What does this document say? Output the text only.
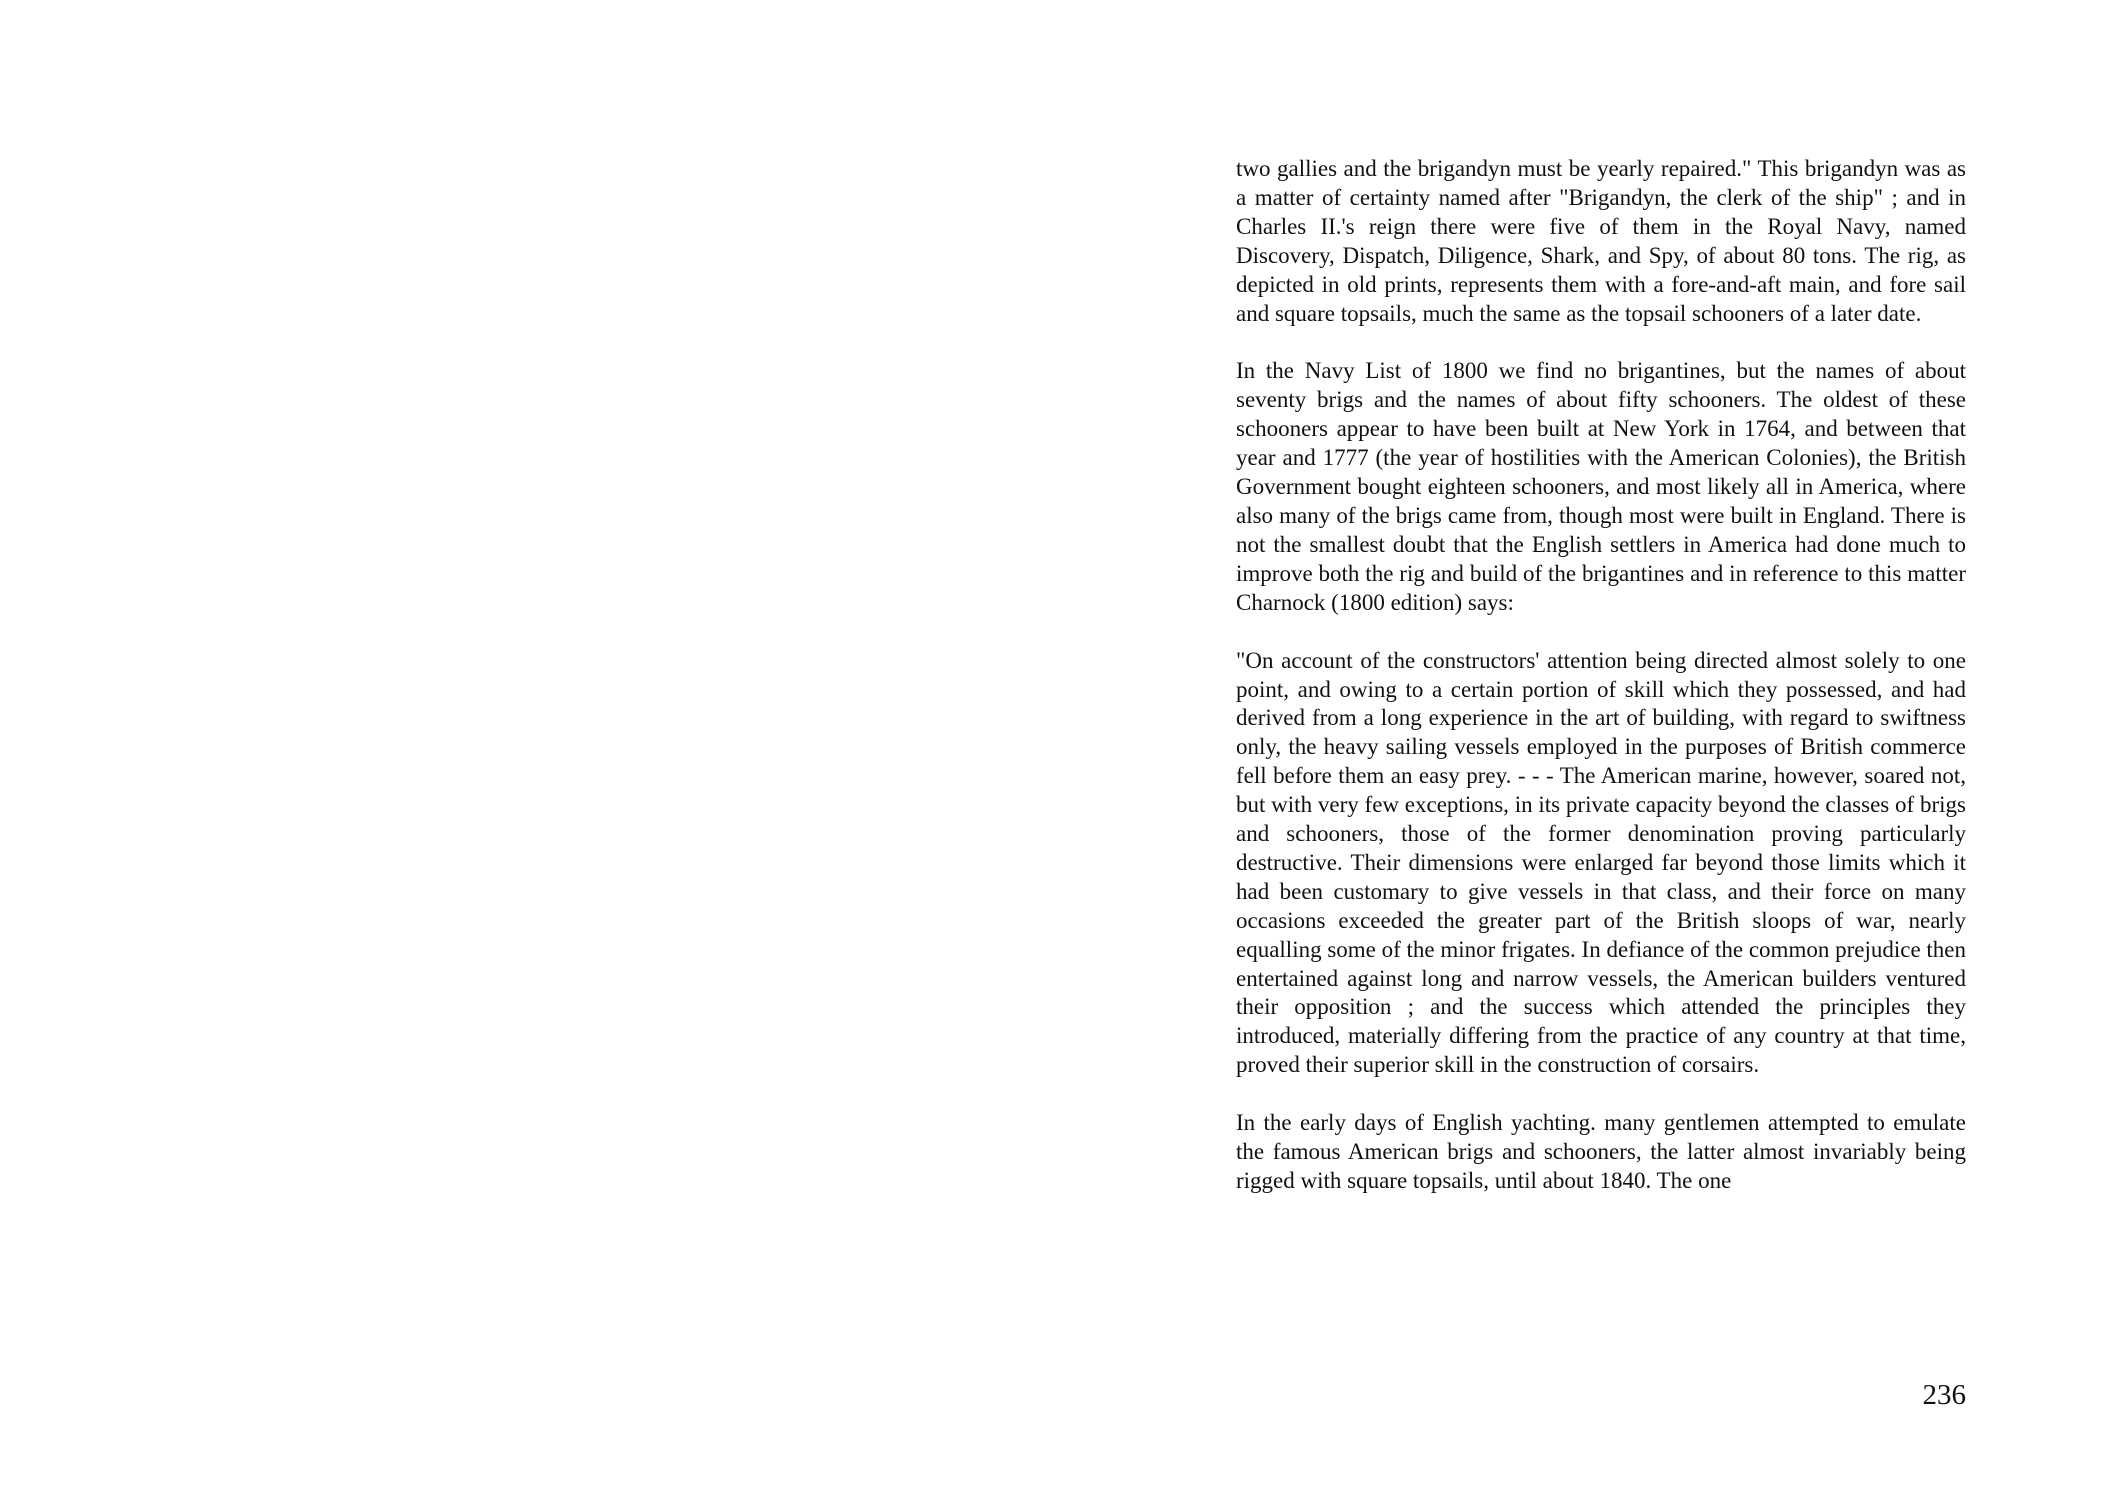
two gallies and the brigandyn must be yearly repaired." This brigandyn was as a matter of certainty named after "Brigandyn, the clerk of the ship" ; and in Charles II.'s reign there were five of them in the Royal Navy, named Discovery, Dispatch, Diligence, Shark, and Spy, of about 80 tons. The rig, as depicted in old prints, represents them with a fore-and-aft main, and fore sail and square topsails, much the same as the topsail schooners of a later date.

In the Navy List of 1800 we find no brigantines, but the names of about seventy brigs and the names of about fifty schooners. The oldest of these schooners appear to have been built at New York in 1764, and between that year and 1777 (the year of hostilities with the American Colonies), the British Government bought eighteen schooners, and most likely all in America, where also many of the brigs came from, though most were built in England. There is not the smallest doubt that the English settlers in America had done much to improve both the rig and build of the brigantines and in reference to this matter Charnock (1800 edition) says:

"On account of the constructors' attention being directed almost solely to one point, and owing to a certain portion of skill which they possessed, and had derived from a long experience in the art of building, with regard to swiftness only, the heavy sailing vessels employed in the purposes of British commerce fell before them an easy prey. - - - The American marine, however, soared not, but with very few exceptions, in its private capacity beyond the classes of brigs and schooners, those of the former denomination proving particularly destructive. Their dimensions were enlarged far beyond those limits which it had been customary to give vessels in that class, and their force on many occasions exceeded the greater part of the British sloops of war, nearly equalling some of the minor frigates. In defiance of the common prejudice then entertained against long and narrow vessels, the American builders ventured their opposition ; and the success which attended the principles they introduced, materially differing from the practice of any country at that time, proved their superior skill in the construction of corsairs.

In the early days of English yachting. many gentlemen attempted to emulate the famous American brigs and schooners, the latter almost invariably being rigged with square topsails, until about 1840. The one

236
